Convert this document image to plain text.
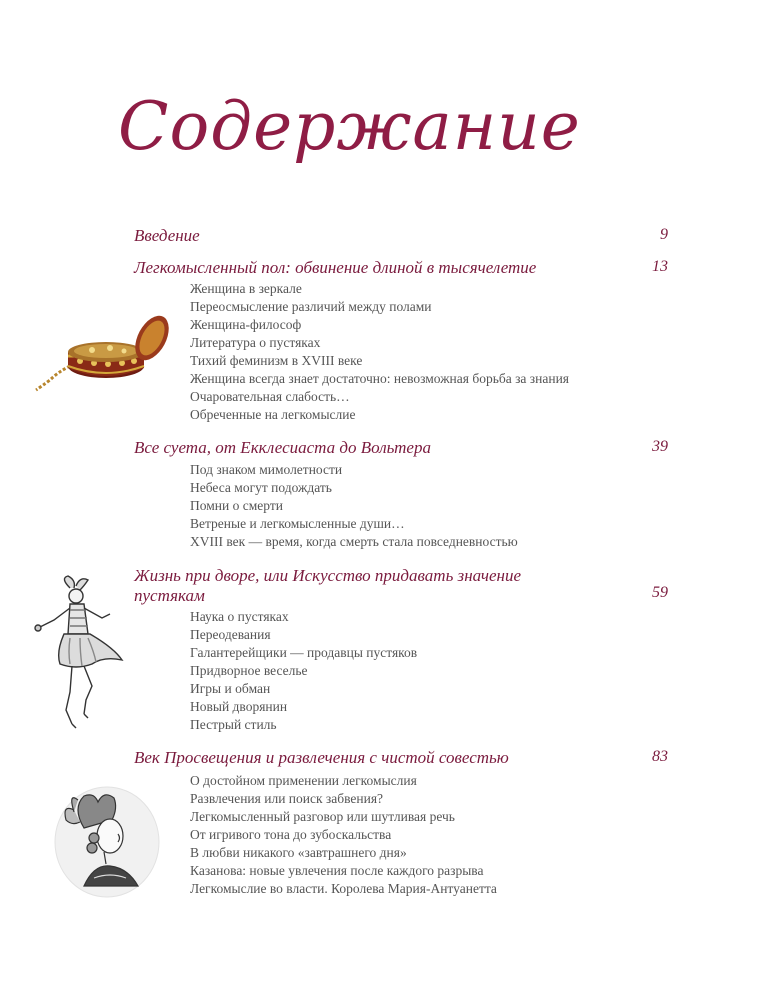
Содержание
Введение	9
Легкомысленный пол: обвинение длиной в тысячелетие	13
Женщина в зеркале
Переосмысление различий между полами
Женщина-философ
Литература о пустяках
Тихий феминизм в XVIII веке
Женщина всегда знает достаточно: невозможная борьба за знания
Очаровательная слабость…
Обреченные на легкомыслие
Все суета, от Екклесиаста до Вольтера	39
Под знаком мимолетности
Небеса могут подождать
Помни о смерти
Ветреные и легкомысленные души…
XVIII век — время, когда смерть стала повседневностью
Жизнь при дворе, или Искусство придавать значение пустякам	59
Наука о пустяках
Переодевания
Галантерейщики — продавцы пустяков
Придворное веселье
Игры и обман
Новый дворянин
Пестрый стиль
Век Просвещения и развлечения с чистой совестью	83
О достойном применении легкомыслия
Развлечения или поиск забвения?
Легкомысленный разговор или шутливая речь
От игривого тона до зубоскальства
В любви никакого «завтрашнего дня»
Казанова: новые увлечения после каждого разрыва
Легкомыслие во власти. Королева Мария-Антуанетта
